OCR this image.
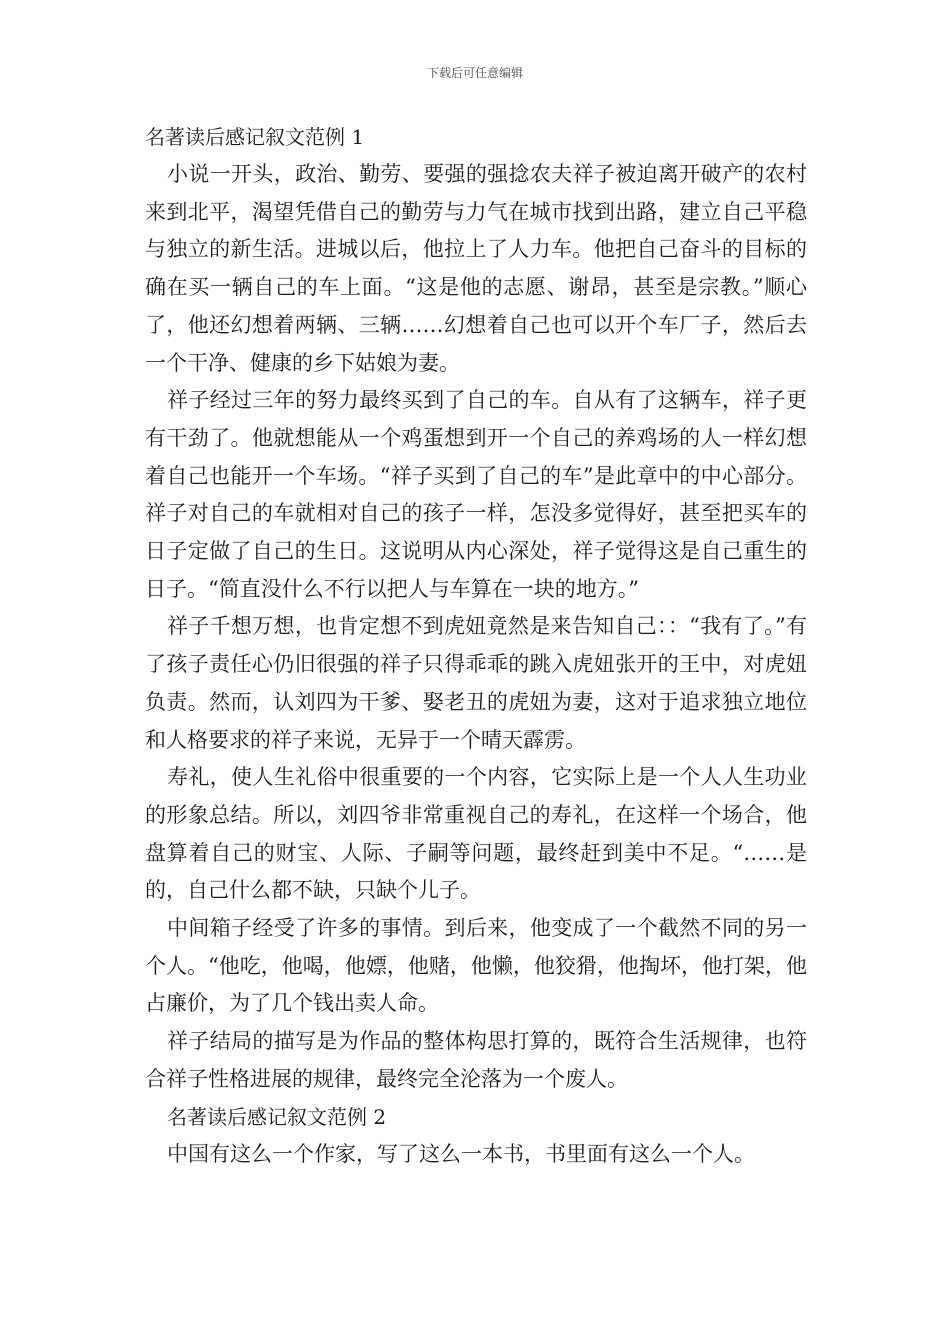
下载后可任意编辑

名著读后感记叙文范例 1

小说一开头，政治、勤劳、要强的强捻农夫祥子被迫离开破产的农村来到北平，渴望凭借自己的勤劳与力气在城市找到出路，建立自己平稳与独立的新生活。进城以后，他拉上了人力车。他把自己奋斗的目标的确在买一辆自己的车上面。“这是他的志愿、谢昂，甚至是宗教。”顺心了，他还幻想着两辆、三辆……幻想着自己也可以开个车厂子，然后去一个干净、健康的乡下姑娘为妻。

祥子经过三年的努力最终买到了自己的车。自从有了这辆车，祥子更有干劲了。他就想能从一个鸡蛋想到开一个自己的养鸡场的人一样幻想着自己也能开一个车场。“祥子买到了自己的车”是此章中的中心部分。祥子对自己的车就相对自己的孩子一样，怎没多觉得好，甚至把买车的日子定做了自己的生日。这说明从内心深处，祥子觉得这是自己重生的日子。“简直没什么不行以把人与车算在一块的地方。”

祥子千想万想，也肯定想不到虎妞竟然是来告知自己：：“我有了。”有了孩子责任心仍旧很强的祥子只得乖乖的跳入虎妞张开的王中，对虎妞负责。然而，认刘四为干爹、娶老丑的虎妞为妻，这对于追求独立地位和人格要求的祥子来说，无异于一个晴天霹雳。

寿礼，使人生礼俗中很重要的一个内容，它实际上是一个人人生功业的形象总结。所以，刘四爷非常重视自己的寿礼，在这样一个场合，他盘算着自己的财宝、人际、子嗣等问题，最终赶到美中不足。“……是的，自己什么都不缺，只缺个儿子。

中间箱子经受了许多的事情。到后来，他变成了一个截然不同的另一个人。“他吃，他喝，他嫖，他赌，他懒，他狡猾，他掏坏，他打架，他占廉价，为了几个钱出卖人命。

祥子结局的描写是为作品的整体构思打算的，既符合生活规律，也符合祥子性格进展的规律，最终完全沦落为一个废人。

名著读后感记叙文范例 2

中国有这么一个作家，写了这么一本书，书里面有这么一个人。
